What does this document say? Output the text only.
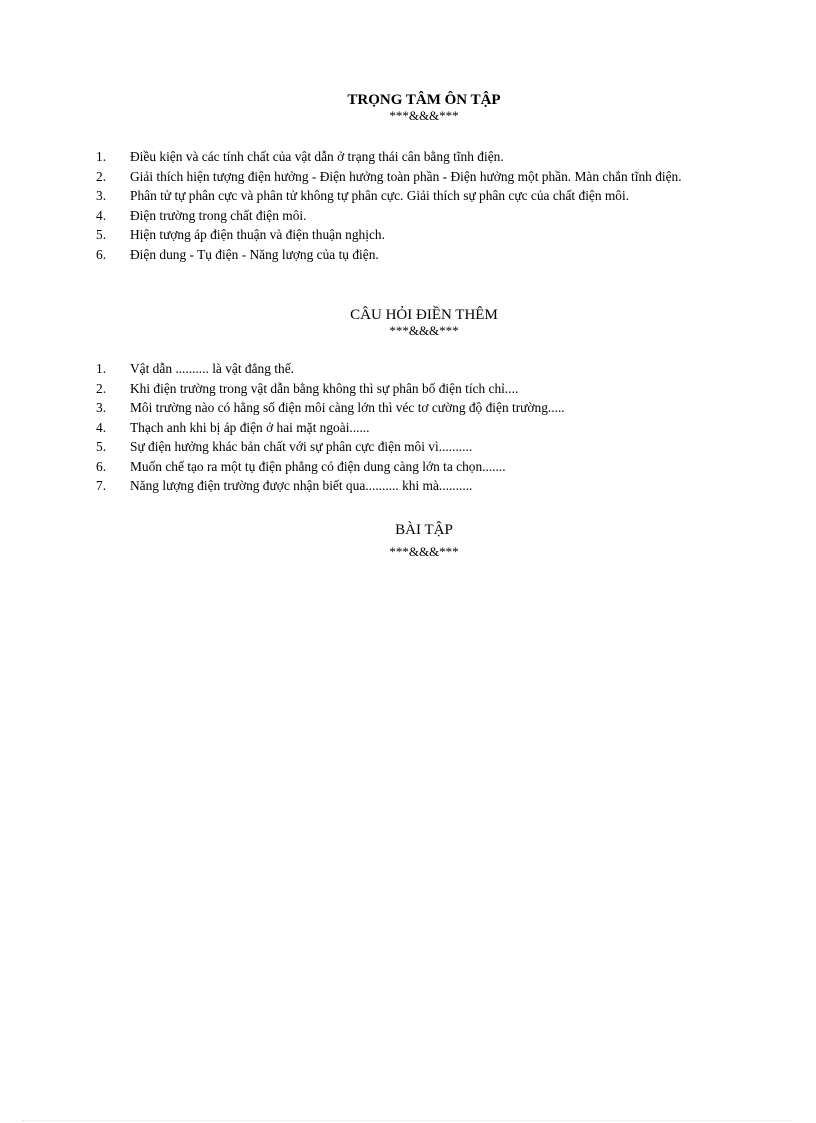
TRỌNG TÂM ÔN TẬP
***&&&***
1.	Điều kiện và các tính chất của vật dẫn ở trạng thái cân bằng tĩnh điện.
2.	Giải thích hiện tượng điện hưởng - Điện hưởng toàn phần - Điện hưởng một phần. Màn chắn tĩnh điện.
3.	Phân tử tự phân cực và phân tử không tự phân cực. Giải thích sự phân cực của chất điện môi.
4.	Điện trường trong chất điện môi.
5.	Hiện tượng áp điện thuận và điện thuận nghịch.
6.	Điện dung - Tụ điện - Năng lượng của tụ điện.
CÂU HỎI ĐIỀN THÊM
***&&&***
1.	Vật dẫn .......... là vật đẳng thế.
2.	Khi điện trường trong vật dẫn bằng không thì sự phân bố điện tích chỉ....
3.	Môi trường nào có hằng số điện môi càng lớn thì véc tơ cường độ điện trường.....
4.	Thạch anh khi bị áp điện ở hai mặt ngoài......
5.	Sự điện hưởng khác bản chất với sự phân cực điện môi vì..........
6.	Muốn chế tạo ra một tụ điện phẳng có điện dung càng lớn ta chọn.......
7.	Năng lượng điện trường được nhận biết qua.......... khi mà..........
BÀI TẬP
***&&&***
